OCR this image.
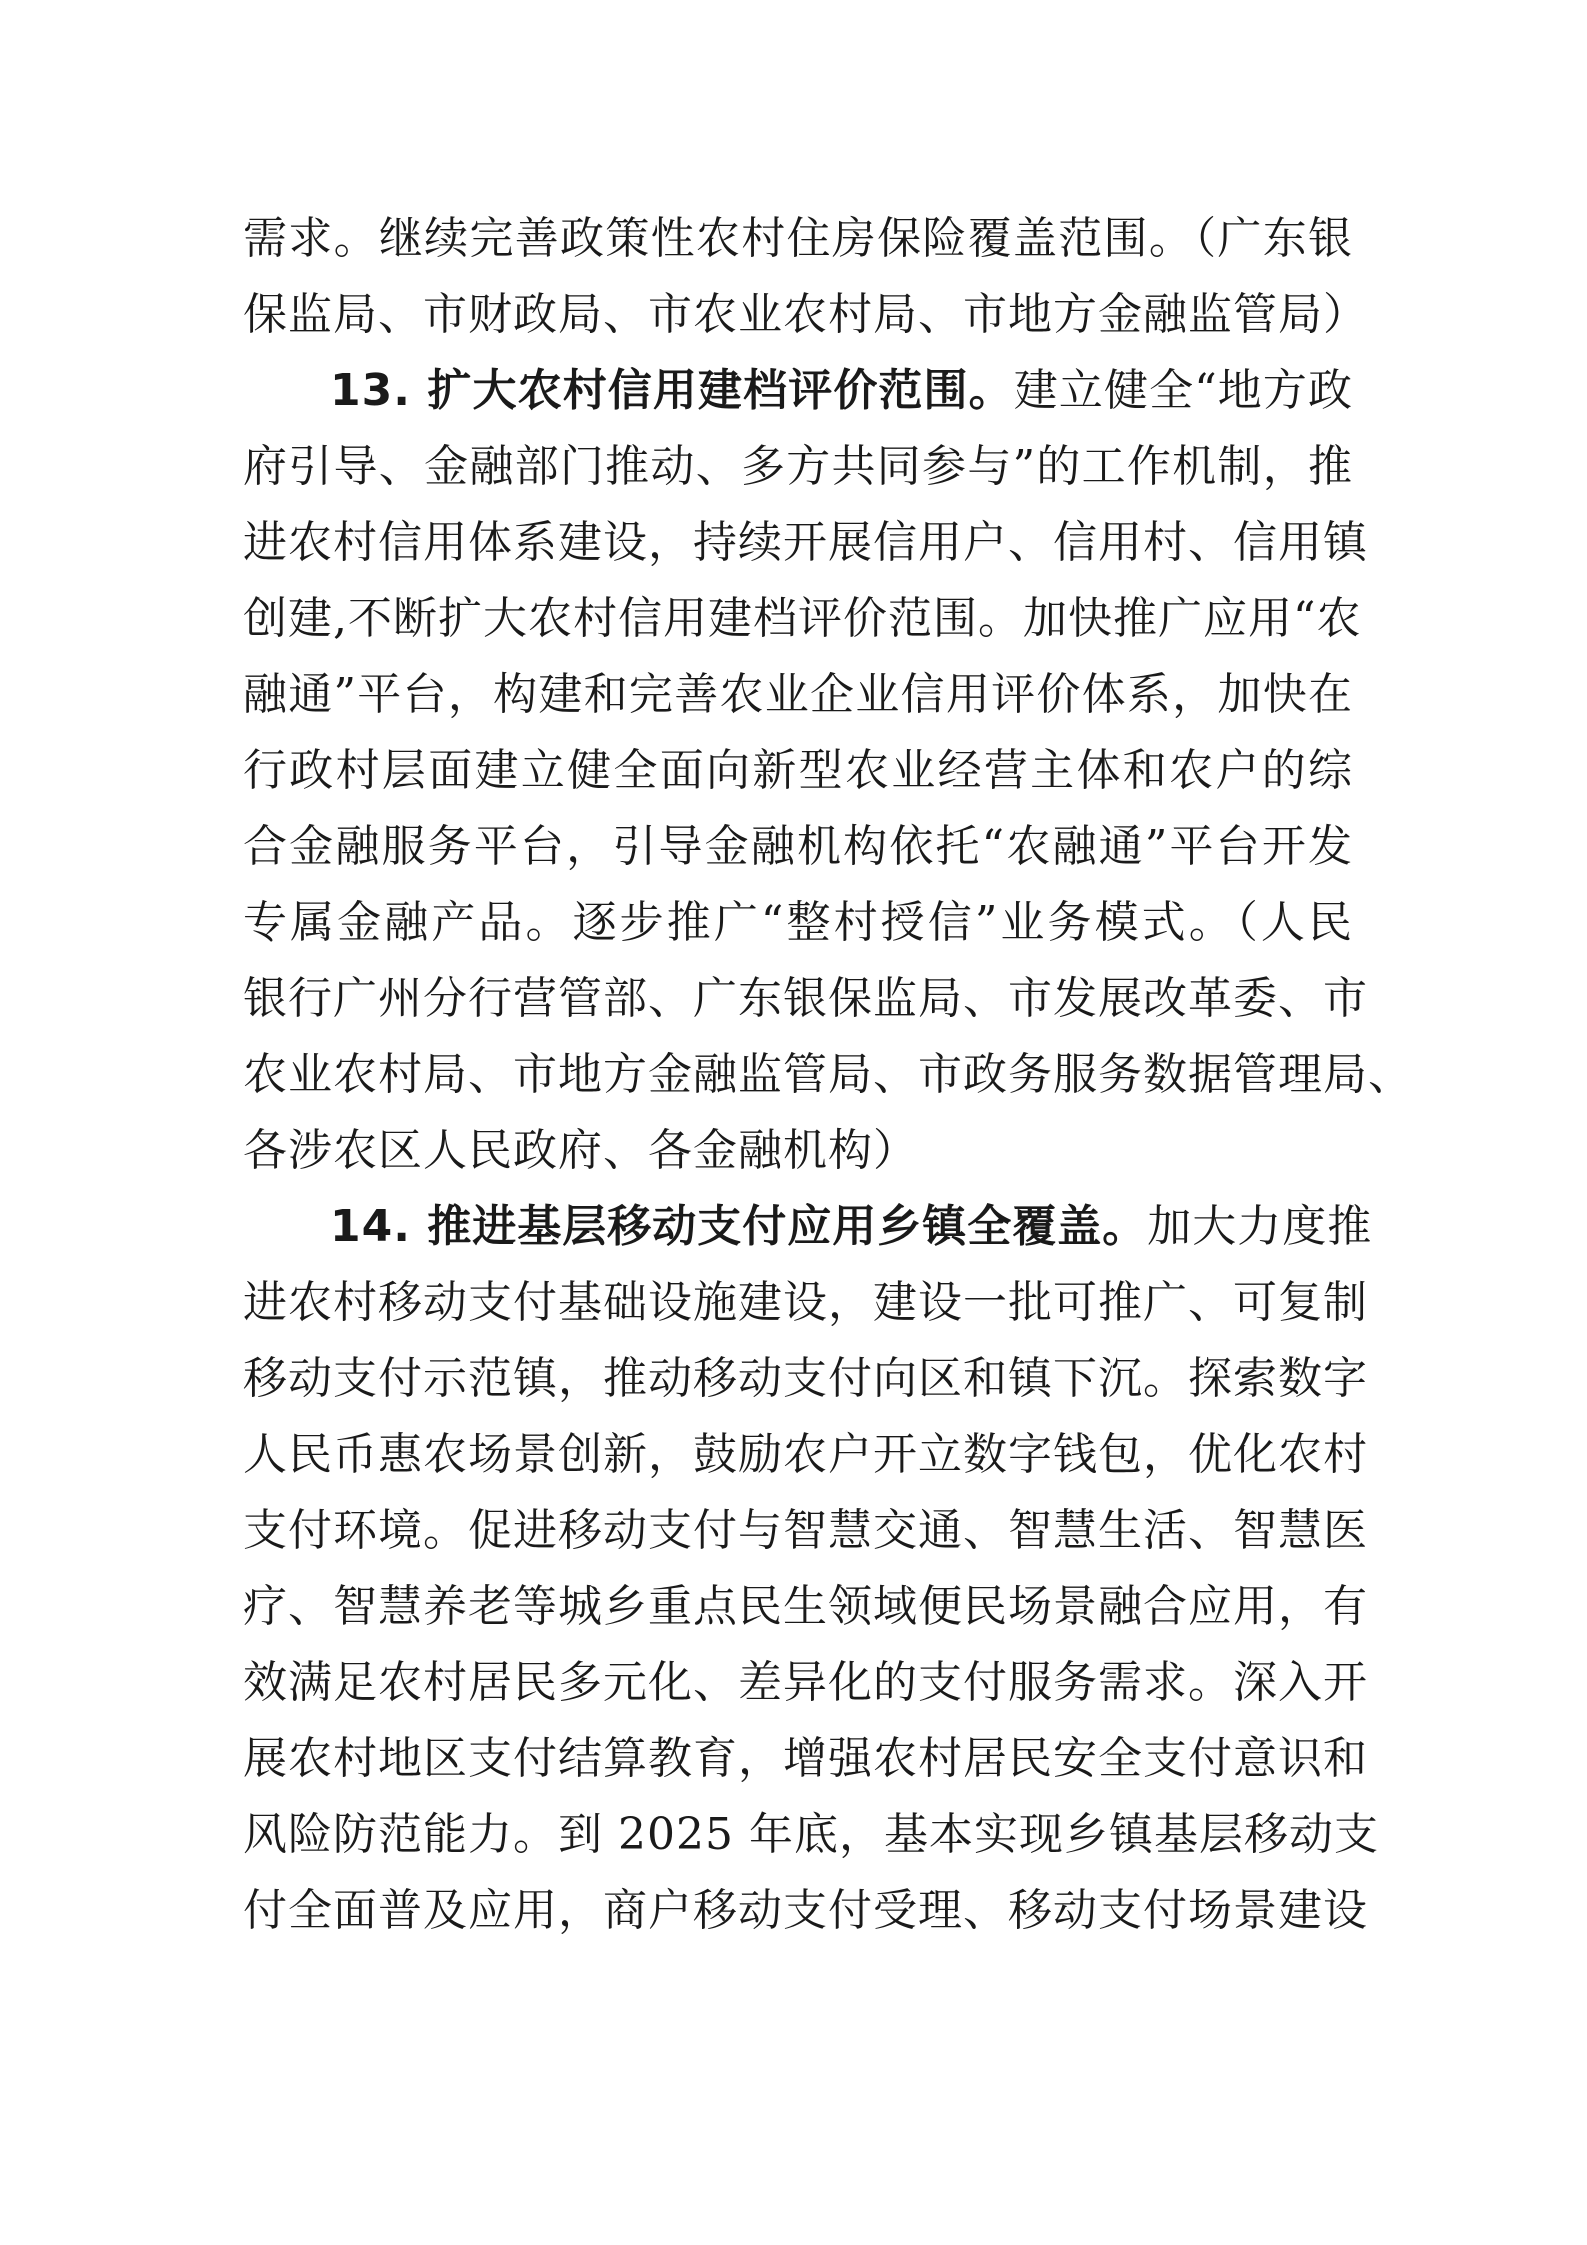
需求。继续完善政策性农村住房保险覆盖范围。（广东银
保监局、市财政局、市农业农村局、市地方金融监管局）
13. 扩大农村信用建档评价范围。建立健全“地方政
府引导、金融部门推动、多方共同参与”的工作机制，推
进农村信用体系建设，持续开展信用户、信用村、信用镇
创建,不断扩大农村信用建档评价范围。加快推广应用“农
融通”平台，构建和完善农业企业信用评价体系，加快在
行政村层面建立健全面向新型农业经营主体和农户的综
合金融服务平台，引导金融机构依托“农融通”平台开发
专属金融产品。逐步推广“整村授信”业务模式。（人民
银行广州分行营管部、广东银保监局、市发展改革委、市
农业农村局、市地方金融监管局、市政务服务数据管理局、
各涉农区人民政府、各金融机构）
14. 推进基层移动支付应用乡镇全覆盖。加大力度推
进农村移动支付基础设施建设，建设一批可推广、可复制
移动支付示范镇，推动移动支付向区和镇下沉。探索数字
人民币惠农场景创新，鼓励农户开立数字钱包，优化农村
支付环境。促进移动支付与智慧交通、智慧生活、智慧医
疗、智慧养老等城乡重点民生领域便民场景融合应用，有
效满足农村居民多元化、差异化的支付服务需求。深入开
展农村地区支付结算教育，增强农村居民安全支付意识和
风险防范能力。到 2025 年底，基本实现乡镇基层移动支
付全面普及应用，商户移动支付受理、移动支付场景建设
